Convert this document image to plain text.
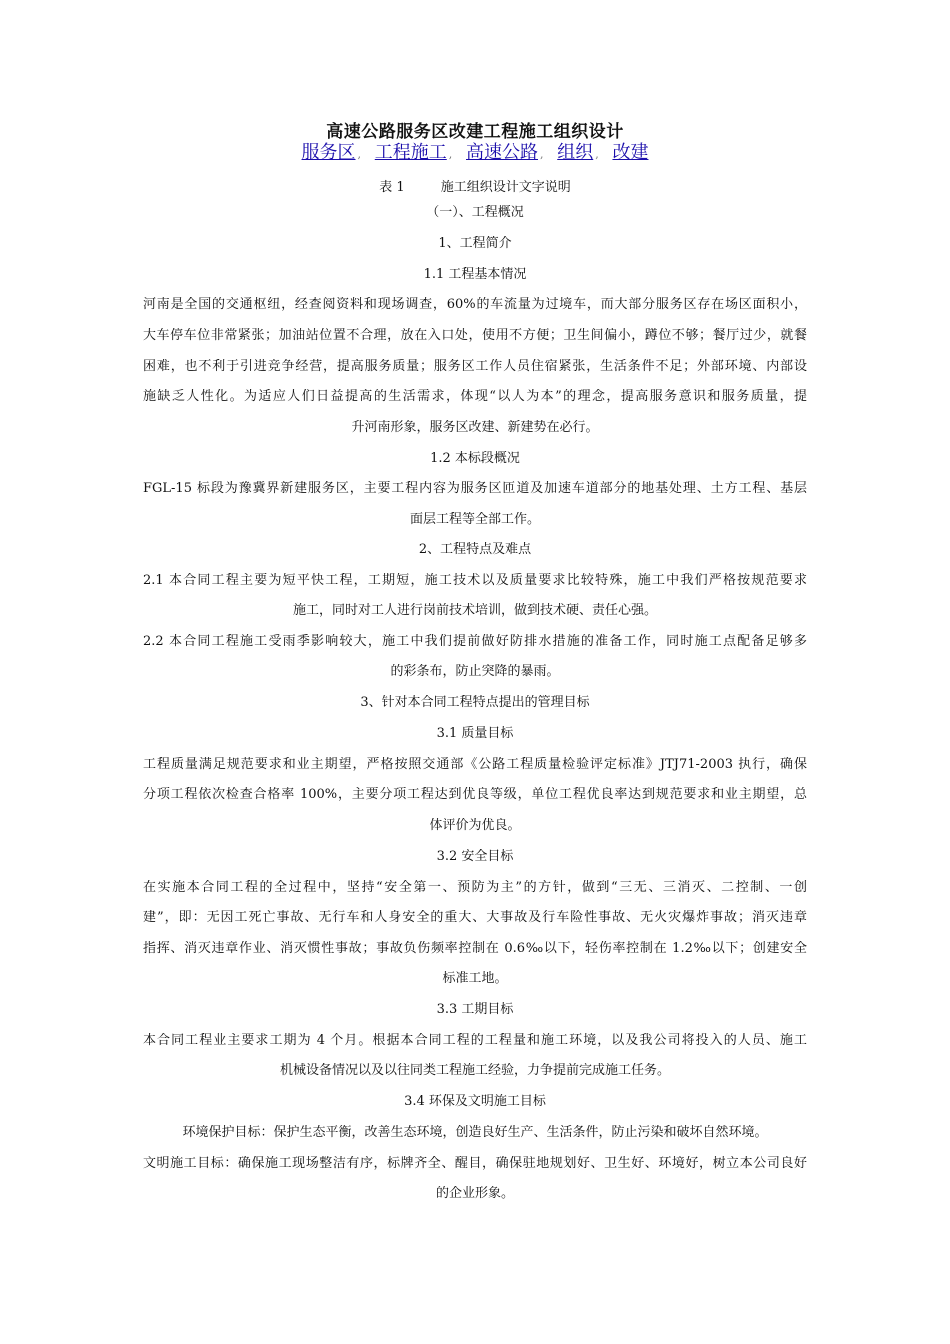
高速公路服务区改建工程施工组织设计
服务区 , 工程施工 , 高速公路 , 组织 , 改建
表 1	施工组织设计文字说明
（一）、工程概况
1、工程简介
1.1 工程基本情况
河南是全国的交通枢纽，经查阅资料和现场调查，60%的车流量为过境车，而大部分服务区存在场区面积小，
大车停车位非常紧张；加油站位置不合理，放在入口处，使用不方便；卫生间偏小，蹲位不够；餐厅过少，就餐
困难，也不利于引进竞争经营，提高服务质量；服务区工作人员住宿紧张，生活条件不足；外部环境、内部设
施缺乏人性化。为适应人们日益提高的生活需求，体现“以人为本”的理念，提高服务意识和服务质量，提
升河南形象，服务区改建、新建势在必行。
1.2 本标段概况
FGL-15 标段为豫冀界新建服务区，主要工程内容为服务区匝道及加速车道部分的地基处理、土方工程、基层
面层工程等全部工作。
2、工程特点及难点
2.1 本合同工程主要为短平快工程，工期短，施工技术以及质量要求比较特殊，施工中我们严格按规范要求
施工，同时对工人进行岗前技术培训，做到技术硬、责任心强。
2.2 本合同工程施工受雨季影响较大，施工中我们提前做好防排水措施的准备工作，同时施工点配备足够多
的彩条布，防止突降的暴雨。
3、针对本合同工程特点提出的管理目标
3.1 质量目标
工程质量满足规范要求和业主期望，严格按照交通部《公路工程质量检验评定标准》JTJ71-2003 执行，确保
分项工程依次检查合格率 100%，主要分项工程达到优良等级，单位工程优良率达到规范要求和业主期望，总
体评价为优良。
3.2 安全目标
在实施本合同工程的全过程中，坚持“安全第一、预防为主”的方针，做到“三无、三消灭、二控制、一创
建”，即：无因工死亡事故、无行车和人身安全的重大、大事故及行车险性事故、无火灾爆炸事故；消灭违章
指挥、消灭违章作业、消灭惯性事故；事故负伤频率控制在 0.6‰以下，轻伤率控制在 1.2‰以下；创建安全
标准工地。
3.3 工期目标
本合同工程业主要求工期为 4 个月。根据本合同工程的工程量和施工环境，以及我公司将投入的人员、施工
机械设备情况以及以往同类工程施工经验，力争提前完成施工任务。
3.4 环保及文明施工目标
环境保护目标：保护生态平衡，改善生态环境，创造良好生产、生活条件，防止污染和破坏自然环境。
文明施工目标：确保施工现场整洁有序，标牌齐全、醒目，确保驻地规划好、卫生好、环境好，树立本公司良好
的企业形象。
